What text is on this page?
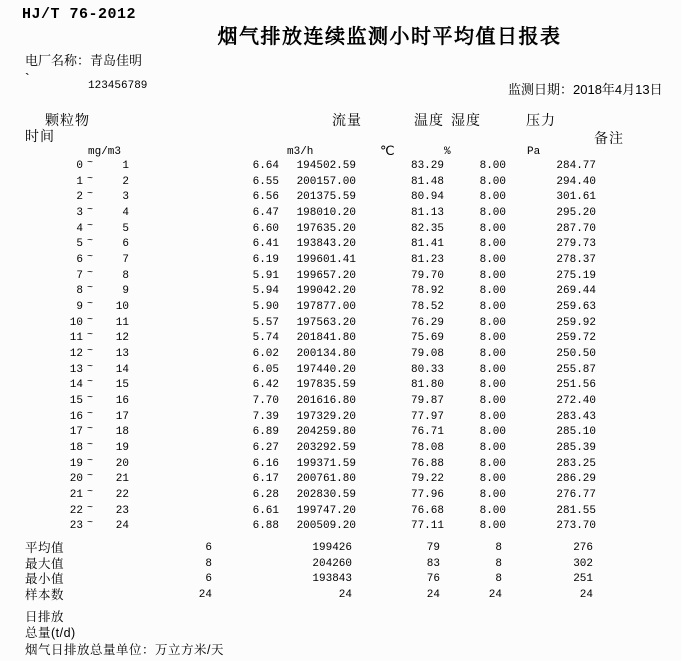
HJ/T 76-2012
烟气排放连续监测小时平均值日报表
电厂名称：青岛佳明
`	123456789	监测日期：2018年4月13日
颗粒物	流量	温度 湿度	压力
时间	备注
mg/m3	m3/h	℃	%	Pa
0 ~	1	6.64	194502.59	83.29	8.00	284.77
1 ~	2	6.55	200157.00	81.48	8.00	294.40
2 ~	3	6.56	201375.59	80.94	8.00	301.61
3 ~	4	6.47	198010.20	81.13	8.00	295.20
4 ~	5	6.60	197635.20	82.35	8.00	287.70
5 ~	6	6.41	193843.20	81.41	8.00	279.73
6 ~	7	6.19	199601.41	81.23	8.00	278.37
7 ~	8	5.91	199657.20	79.70	8.00	275.19
8 ~	9	5.94	199042.20	78.92	8.00	269.44
9 ~	10	5.90	197877.00	78.52	8.00	259.63
10 ~	11	5.57	197563.20	76.29	8.00	259.92
11 ~	12	5.74	201841.80	75.69	8.00	259.72
12 ~	13	6.02	200134.80	79.08	8.00	250.50
13 ~	14	6.05	197440.20	80.33	8.00	255.87
14 ~	15	6.42	197835.59	81.80	8.00	251.56
15 ~	16	7.70	201616.80	79.87	8.00	272.40
16 ~	17	7.39	197329.20	77.97	8.00	283.43
17 ~	18	6.89	204259.80	76.71	8.00	285.10
18 ~	19	6.27	203292.59	78.08	8.00	285.39
19 ~	20	6.16	199371.59	76.88	8.00	283.25
20 ~	21	6.17	200761.80	79.22	8.00	286.29
21 ~	22	6.28	202830.59	77.96	8.00	276.77
22 ~	23	6.61	199747.20	76.68	8.00	281.55
23 ~	24	6.88	200509.20	77.11	8.00	273.70
平均值	6	199426	79	8	276
最大值	8	204260	83	8	302
最小值	6	193843	76	8	251
样本数	24	24	24	24	24
日排放
总量(t/d)
烟气日排放总量单位：万立方米/天
